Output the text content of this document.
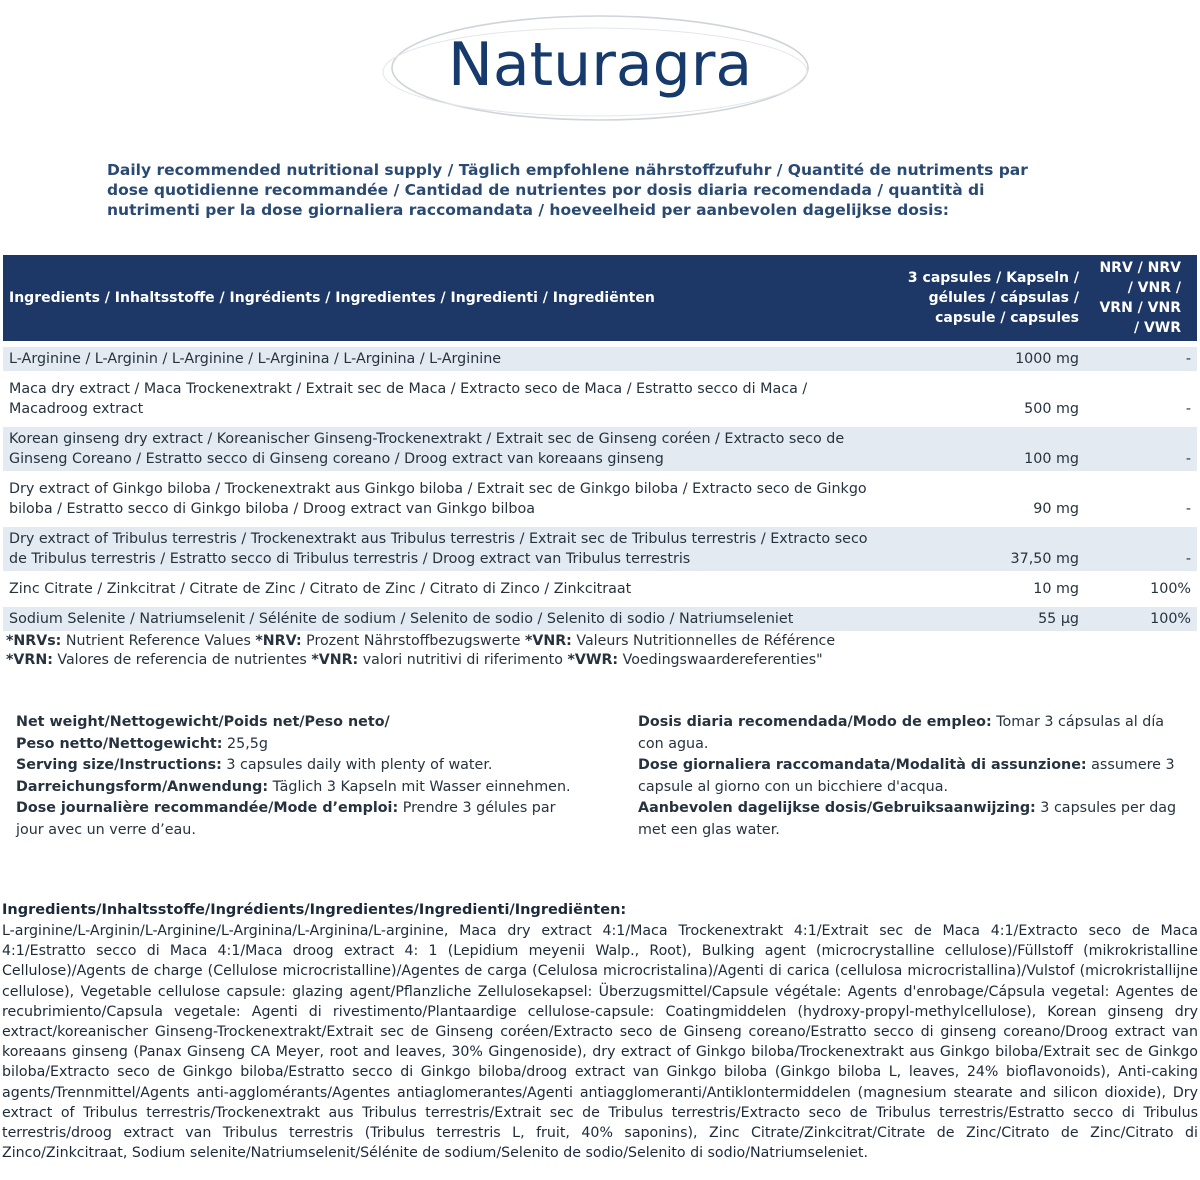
Naturagra
Daily recommended nutritional supply / Täglich empfohlene nährstoffzufuhr / Quantité de nutriments par dose quotidienne recommandée / Cantidad de nutrientes por dosis diaria recomendada / quantità di nutrimenti per la dose giornaliera raccomandata / hoeveelheid per aanbevolen dagelijkse dosis:
Ingredients / Inhaltsstoffe / Ingrédients / Ingredientes / Ingredienti / Ingrediënten	3 capsules / Kapseln / gélules / cápsulas / capsule / capsules	NRV / NRV / VNR / VRN / VNR / VWR

L-Arginine / L-Arginin / L-Arginine / L-Arginina / L-Arginina / L-Arginine	1000 mg	-

Maca dry extract / Maca Trockenextrakt / Extrait sec de Maca / Extracto seco de Maca / Estratto secco di Maca / Macadroog extract	500 mg	-

Korean ginseng dry extract / Koreanischer Ginseng-Trockenextrakt / Extrait sec de Ginseng coréen / Extracto seco de Ginseng Coreano / Estratto secco di Ginseng coreano / Droog extract van koreaans ginseng	100 mg	-

Dry extract of Ginkgo biloba / Trockenextrakt aus Ginkgo biloba / Extrait sec de Ginkgo biloba / Extracto seco de Ginkgo biloba / Estratto secco di Ginkgo biloba / Droog extract van Ginkgo bilboa	90 mg	-

Dry extract of Tribulus terrestris / Trockenextrakt aus Tribulus terrestris / Extrait sec de Tribulus terrestris / Extracto seco de Tribulus terrestris / Estratto secco di Tribulus terrestris / Droog extract van Tribulus terrestris	37,50 mg	-

Zinc Citrate / Zinkcitrat / Citrate de Zinc / Citrato de Zinc / Citrato di Zinco / Zinkcitraat	10 mg	100%

Sodium Selenite / Natriumselenit / Sélénite de sodium / Selenito de sodio / Selenito di sodio / Natriumseleniet	55 µg	100%
*NRVs: Nutrient Reference Values *NRV: Prozent Nährstoffbezugswerte *VNR: Valeurs Nutritionnelles de Référence
*VRN: Valores de referencia de nutrientes *VNR: valori nutritivi di riferimento *VWR: Voedingswaardereferenties"
Net weight/Nettogewicht/Poids net/Peso neto/
Peso netto/Nettogewicht: 25,5g
Serving size/Instructions: 3 capsules daily with plenty of water.
Darreichungsform/Anwendung: Täglich 3 Kapseln mit Wasser einnehmen.
Dose journalière recommandée/Mode d’emploi: Prendre 3 gélules par jour avec un verre d’eau.
Dosis diaria recomendada/Modo de empleo: Tomar 3 cápsulas al día con agua.
Dose giornaliera raccomandata/Modalità di assunzione: assumere 3 capsule al giorno con un bicchiere d'acqua.
Aanbevolen dagelijkse dosis/Gebruiksaanwijzing: 3 capsules per dag met een glas water.
Ingredients/Inhaltsstoffe/Ingrédients/Ingredientes/Ingredienti/Ingrediënten:
L-arginine/L-Arginin/L-Arginine/L-Arginina/L-Arginina/L-arginine, Maca dry extract 4:1/Maca Trockenextrakt 4:1/Extrait sec de Maca 4:1/Extracto seco de Maca 4:1/Estratto secco di Maca 4:1/Maca droog extract 4: 1 (Lepidium meyenii Walp., Root), Bulking agent (microcrystalline cellulose)/Füllstoff (mikrokristalline Cellulose)/Agents de charge (Cellulose microcristalline)/Agentes de carga (Celulosa microcristalina)/Agenti di carica (cellulosa microcristallina)/Vulstof (microkristallijne cellulose), Vegetable cellulose capsule: glazing agent/Pflanzliche Zellulosekapsel: Überzugsmittel/Capsule végétale: Agents d'enrobage/Cápsula vegetal: Agentes de recubrimiento/Capsula vegetale: Agenti di rivestimento/Plantaardige cellulose-capsule: Coatingmiddelen (hydroxy-propyl-methylcellulose), Korean ginseng dry extract/koreanischer Ginseng-Trockenextrakt/Extrait sec de Ginseng coréen/Extracto seco de Ginseng coreano/Estratto secco di ginseng coreano/Droog extract van koreaans ginseng (Panax Ginseng CA Meyer, root and leaves, 30% Gingenoside), dry extract of Ginkgo biloba/Trockenextrakt aus Ginkgo biloba/Extrait sec de Ginkgo biloba/Extracto seco de Ginkgo biloba/Estratto secco di Ginkgo biloba/droog extract van Ginkgo biloba (Ginkgo biloba L, leaves, 24% bioflavonoids), Anti-caking agents/Trennmittel/Agents anti-agglomérants/Agentes antiaglomerantes/Agenti antiagglomeranti/Antiklontermiddelen (magnesium stearate and silicon dioxide), Dry extract of Tribulus terrestris/Trockenextrakt aus Tribulus terrestris/Extrait sec de Tribulus terrestris/Extracto seco de Tribulus terrestris/Estratto secco di Tribulus terrestris/droog extract van Tribulus terrestris (Tribulus terrestris L, fruit, 40% saponins), Zinc Citrate/Zinkcitrat/Citrate de Zinc/Citrato de Zinc/Citrato di Zinco/Zinkcitraat, Sodium selenite/Natriumselenit/Sélénite de sodium/Selenito de sodio/Selenito di sodio/Natriumseleniet.
